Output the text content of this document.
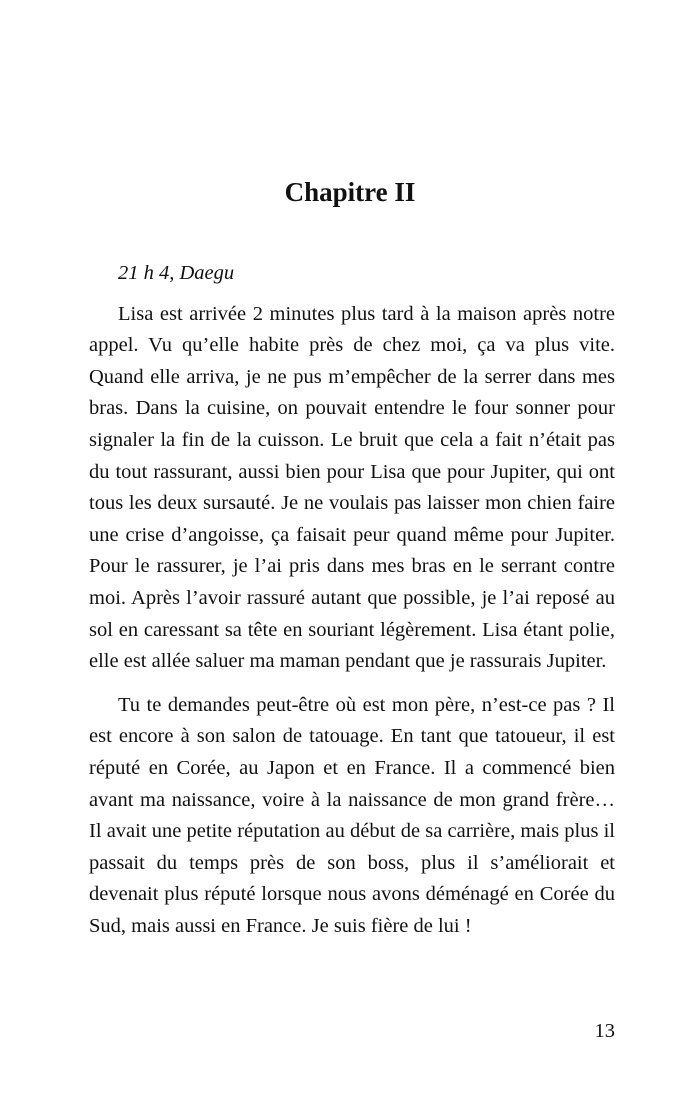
Chapitre II

21 h 4, Daegu

Lisa est arrivée 2 minutes plus tard à la maison après notre appel. Vu qu’elle habite près de chez moi, ça va plus vite. Quand elle arriva, je ne pus m’empêcher de la serrer dans mes bras. Dans la cuisine, on pouvait entendre le four sonner pour signaler la fin de la cuisson. Le bruit que cela a fait n’était pas du tout rassurant, aussi bien pour Lisa que pour Jupiter, qui ont tous les deux sursauté. Je ne voulais pas laisser mon chien faire une crise d’angoisse, ça faisait peur quand même pour Jupiter. Pour le rassurer, je l’ai pris dans mes bras en le serrant contre moi. Après l’avoir rassuré autant que possible, je l’ai reposé au sol en caressant sa tête en souriant légèrement. Lisa étant polie, elle est allée saluer ma maman pendant que je rassurais Jupiter.

Tu te demandes peut-être où est mon père, n’est-ce pas ? Il est encore à son salon de tatouage. En tant que tatoueur, il est réputé en Corée, au Japon et en France. Il a commencé bien avant ma naissance, voire à la naissance de mon grand frère… Il avait une petite réputation au début de sa carrière, mais plus il passait du temps près de son boss, plus il s’améliorait et devenait plus réputé lorsque nous avons déménagé en Corée du Sud, mais aussi en France. Je suis fière de lui !

13
